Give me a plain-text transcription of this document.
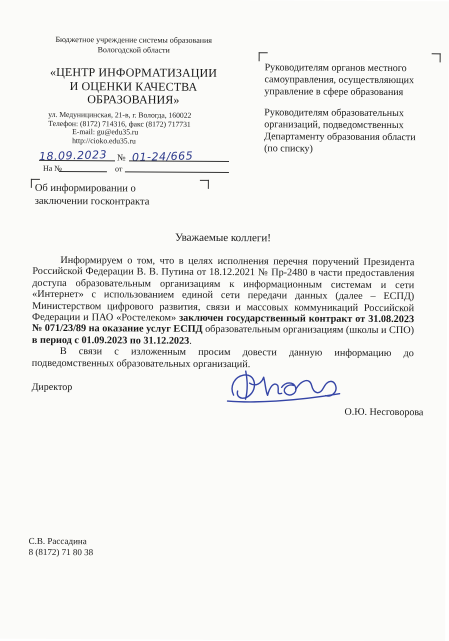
Бюджетное учреждение системы образования
Вологодской области
«ЦЕНТР ИНФОРМАТИЗАЦИИ
И ОЦЕНКИ КАЧЕСТВА
ОБРАЗОВАНИЯ»
ул. Медуницинская, 21-в, г. Вологда, 160022
Телефон: (8172) 714316, факс (8172) 717731
E-mail: gu@edu35.ru
http://cioko.edu35.ru
18.09.2023	№ 01-24/665
На №	от
Об информировании о
заключении госконтракта
Руководителям органов местного
самоуправления, осуществляющих
управление в сфере образования
Руководителям образовательных
организаций, подведомственных
Департаменту образования области
(по списку)
Уважаемые коллеги!

Информируем о том, что в целях исполнения перечня поручений Президента Российской Федерации В. В. Путина от 18.12.2021 № Пр-2480 в части предоставления доступа образовательным организациям к информационным системам и сети «Интернет» с использованием единой сети передачи данных (далее – ЕСПД) Министерством цифрового развития, связи и массовых коммуникаций Российской Федерации и ПАО «Ростелеком» заключен государственный контракт от 31.08.2023 № 071/23/89 на оказание услуг ЕСПД образовательным организациям (школы и СПО) в период с 01.09.2023 по 31.12.2023.

В связи с изложенным просим довести данную информацию до подведомственных образовательных организаций.

Директор
О.Ю. Несговорова
С.В. Рассадина
8 (8172) 71 80 38
